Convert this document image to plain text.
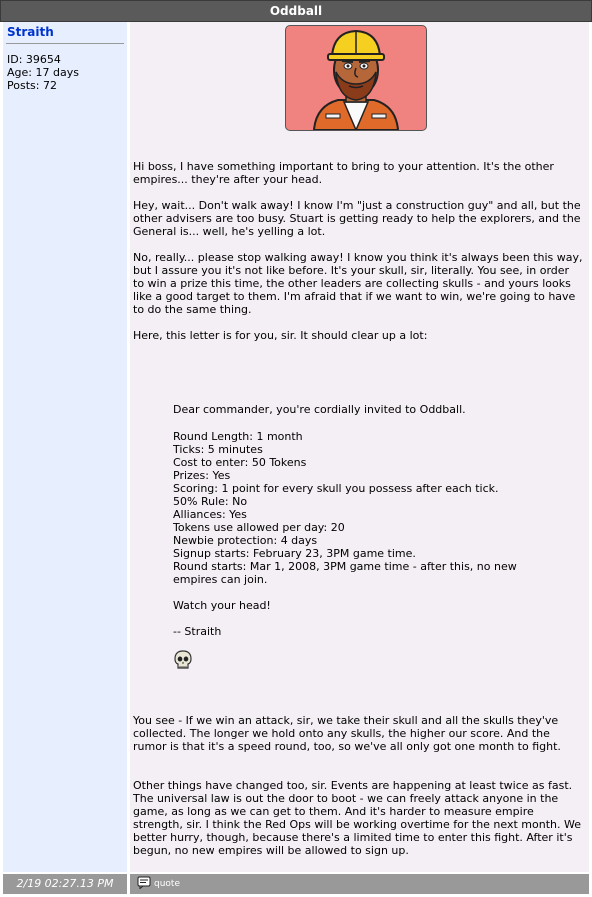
Oddball
Straith
ID: 39654
Age: 17 days
Posts: 72

Hi boss, I have something important to bring to your attention. It's the other empires... they're after your head.

Hey, wait... Don't walk away! I know I'm "just a construction guy" and all, but the other advisers are too busy. Stuart is getting ready to help the explorers, and the General is... well, he's yelling a lot.

No, really... please stop walking away! I know you think it's always been this way, but I assure you it's not like before. It's your skull, sir, literally. You see, in order to win a prize this time, the other leaders are collecting skulls - and yours looks like a good target to them. I'm afraid that if we want to win, we're going to have to do the same thing.

Here, this letter is for you, sir. It should clear up a lot:

Dear commander, you're cordially invited to Oddball.

Round Length: 1 month

Ticks: 5 minutes

Cost to enter: 50 Tokens

Prizes: Yes

Scoring: 1 point for every skull you possess after each tick.

50% Rule: No

Alliances: Yes

Tokens use allowed per day: 20

Newbie protection: 4 days

Signup starts: February 23, 3PM game time.

Round starts: Mar 1, 2008, 3PM game time - after this, no new empires can join.

Watch your head!

-- Straith

You see - If we win an attack, sir, we take their skull and all the skulls they've collected. The longer we hold onto any skulls, the higher our score. And the rumor is that it's a speed round, too, so we've all only got one month to fight.

Other things have changed too, sir. Events are happening at least twice as fast. The universal law is out the door to boot - we can freely attack anyone in the game, as long as we can get to them. And it's harder to measure empire strength, sir. I think the Red Ops will be working overtime for the next month. We better hurry, though, because there's a limited time to enter this fight. After it's begun, no new empires will be allowed to sign up.

2/19 02:27.13 PM	quote
